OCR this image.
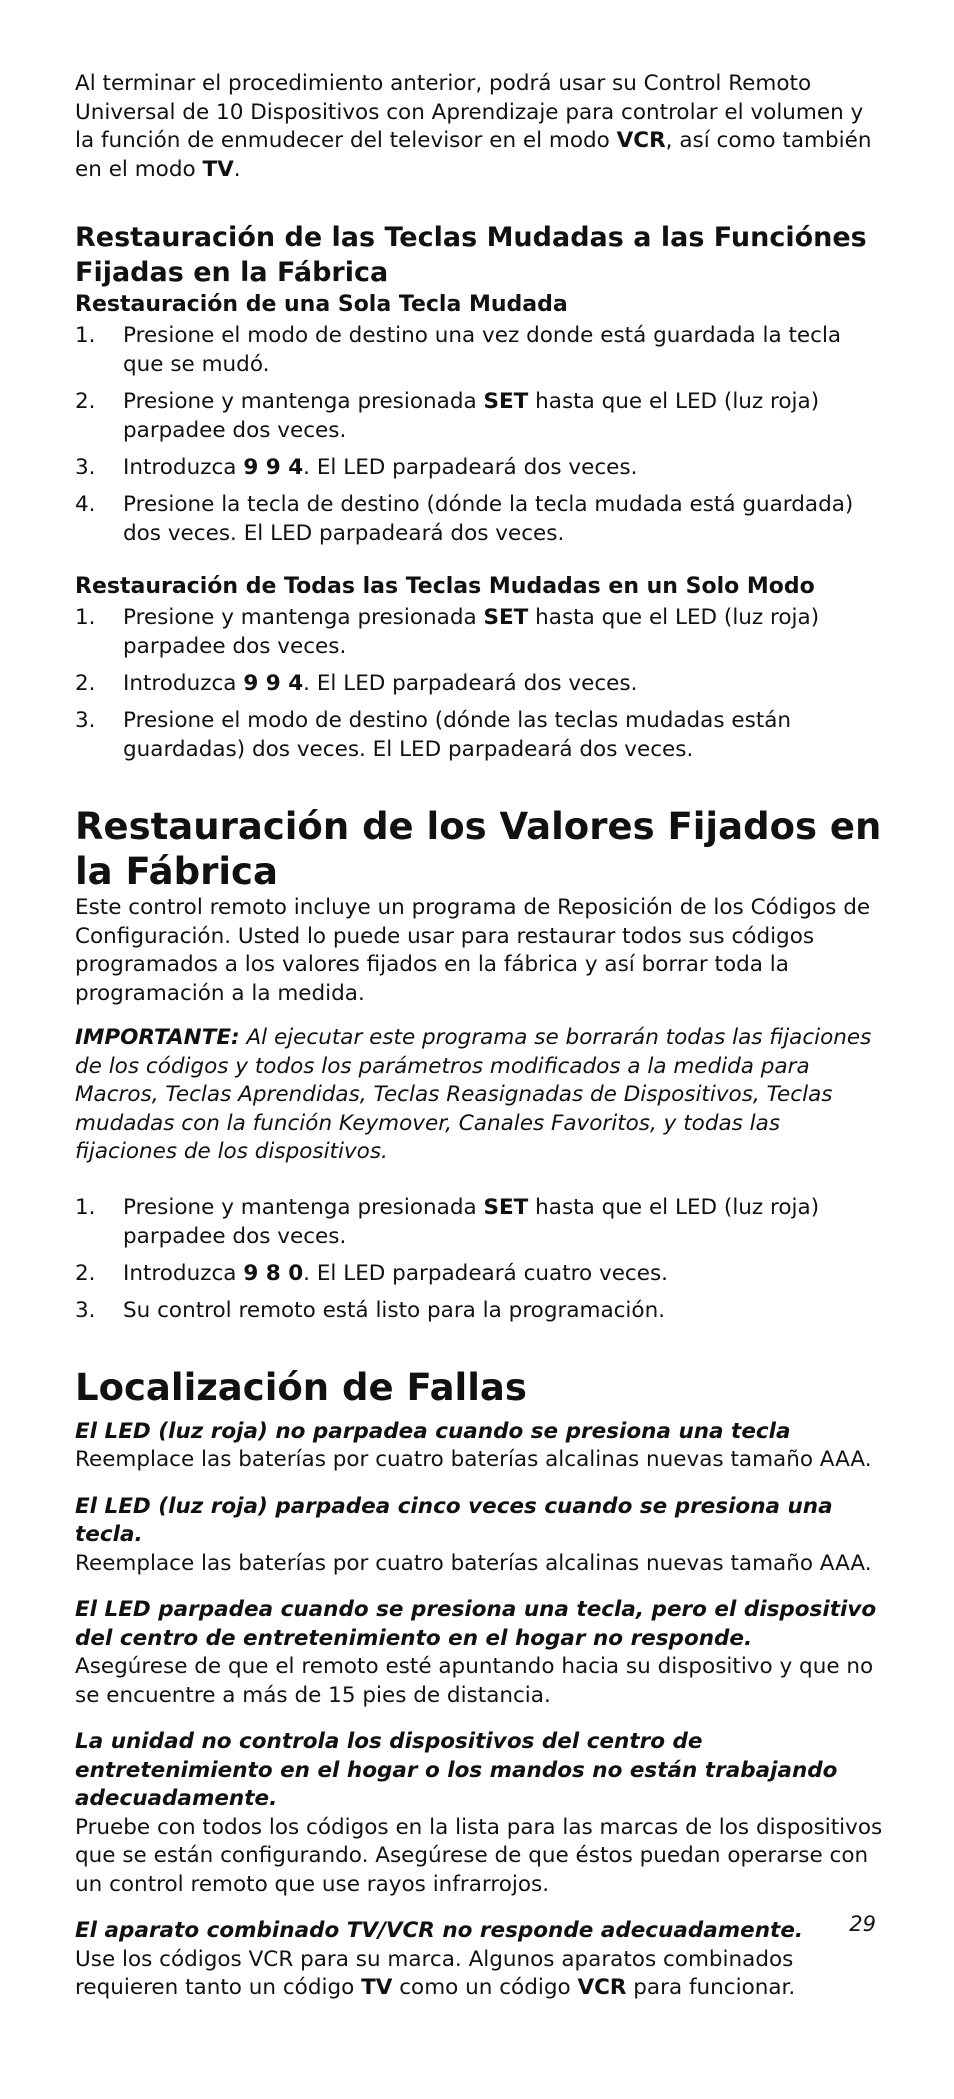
Al terminar el procedimiento anterior, podrá usar su Control Remoto Universal de 10 Dispositivos con Aprendizaje para controlar el volumen y la función de enmudecer del televisor en el modo VCR, así como también en el modo TV.

Restauración de las Teclas Mudadas a las Funciónes Fijadas en la Fábrica
Restauración de una Sola Tecla Mudada
1.	Presione el modo de destino una vez donde está guardada la tecla que se mudó.
2.	Presione y mantenga presionada SET hasta que el LED (luz roja) parpadee dos veces.
3.	Introduzca 9 9 4. El LED parpadeará dos veces.
4.	Presione la tecla de destino (dónde la tecla mudada está guardada) dos veces. El LED parpadeará dos veces.
Restauración de Todas las Teclas Mudadas en un Solo Modo
1.	Presione y mantenga presionada SET hasta que el LED (luz roja) parpadee dos veces.
2.	Introduzca 9 9 4. El LED parpadeará dos veces.
3.	Presione el modo de destino (dónde las teclas mudadas están guardadas) dos veces. El LED parpadeará dos veces.
Restauración de los Valores Fijados en la Fábrica

Este control remoto incluye un programa de Reposición de los Códigos de Configuración. Usted lo puede usar para restaurar todos sus códigos programados a los valores fijados en la fábrica y así borrar toda la programación a la medida.

IMPORTANTE: Al ejecutar este programa se borrarán todas las fijaciones de los códigos y todos los parámetros modificados a la medida para Macros, Teclas Aprendidas, Teclas Reasignadas de Dispositivos, Teclas mudadas con la función Keymover, Canales Favoritos, y todas las fijaciones de los dispositivos.

1.	Presione y mantenga presionada SET hasta que el LED (luz roja) parpadee dos veces.
2.	Introduzca 9 8 0. El LED parpadeará cuatro veces.
3.	Su control remoto está listo para la programación.
Localización de Fallas

El LED (luz roja) no parpadea cuando se presiona una tecla

Reemplace las baterías por cuatro baterías alcalinas nuevas tamaño AAA.

El LED (luz roja) parpadea cinco veces cuando se presiona una tecla.

Reemplace las baterías por cuatro baterías alcalinas nuevas tamaño AAA.

El LED parpadea cuando se presiona una tecla, pero el dispositivo del centro de entretenimiento en el hogar no responde.

Asegúrese de que el remoto esté apuntando hacia su dispositivo y que no se encuentre a más de 15 pies de distancia.

La unidad no controla los dispositivos del centro de entretenimiento en el hogar o los mandos no están trabajando adecuadamente.

Pruebe con todos los códigos en la lista para las marcas de los dispositivos que se están configurando. Asegúrese de que éstos puedan operarse con un control remoto que use rayos infrarrojos.

El aparato combinado TV/VCR no responde adecuadamente.

Use los códigos VCR para su marca. Algunos aparatos combinados requieren tanto un código TV como un código VCR para funcionar.

29
